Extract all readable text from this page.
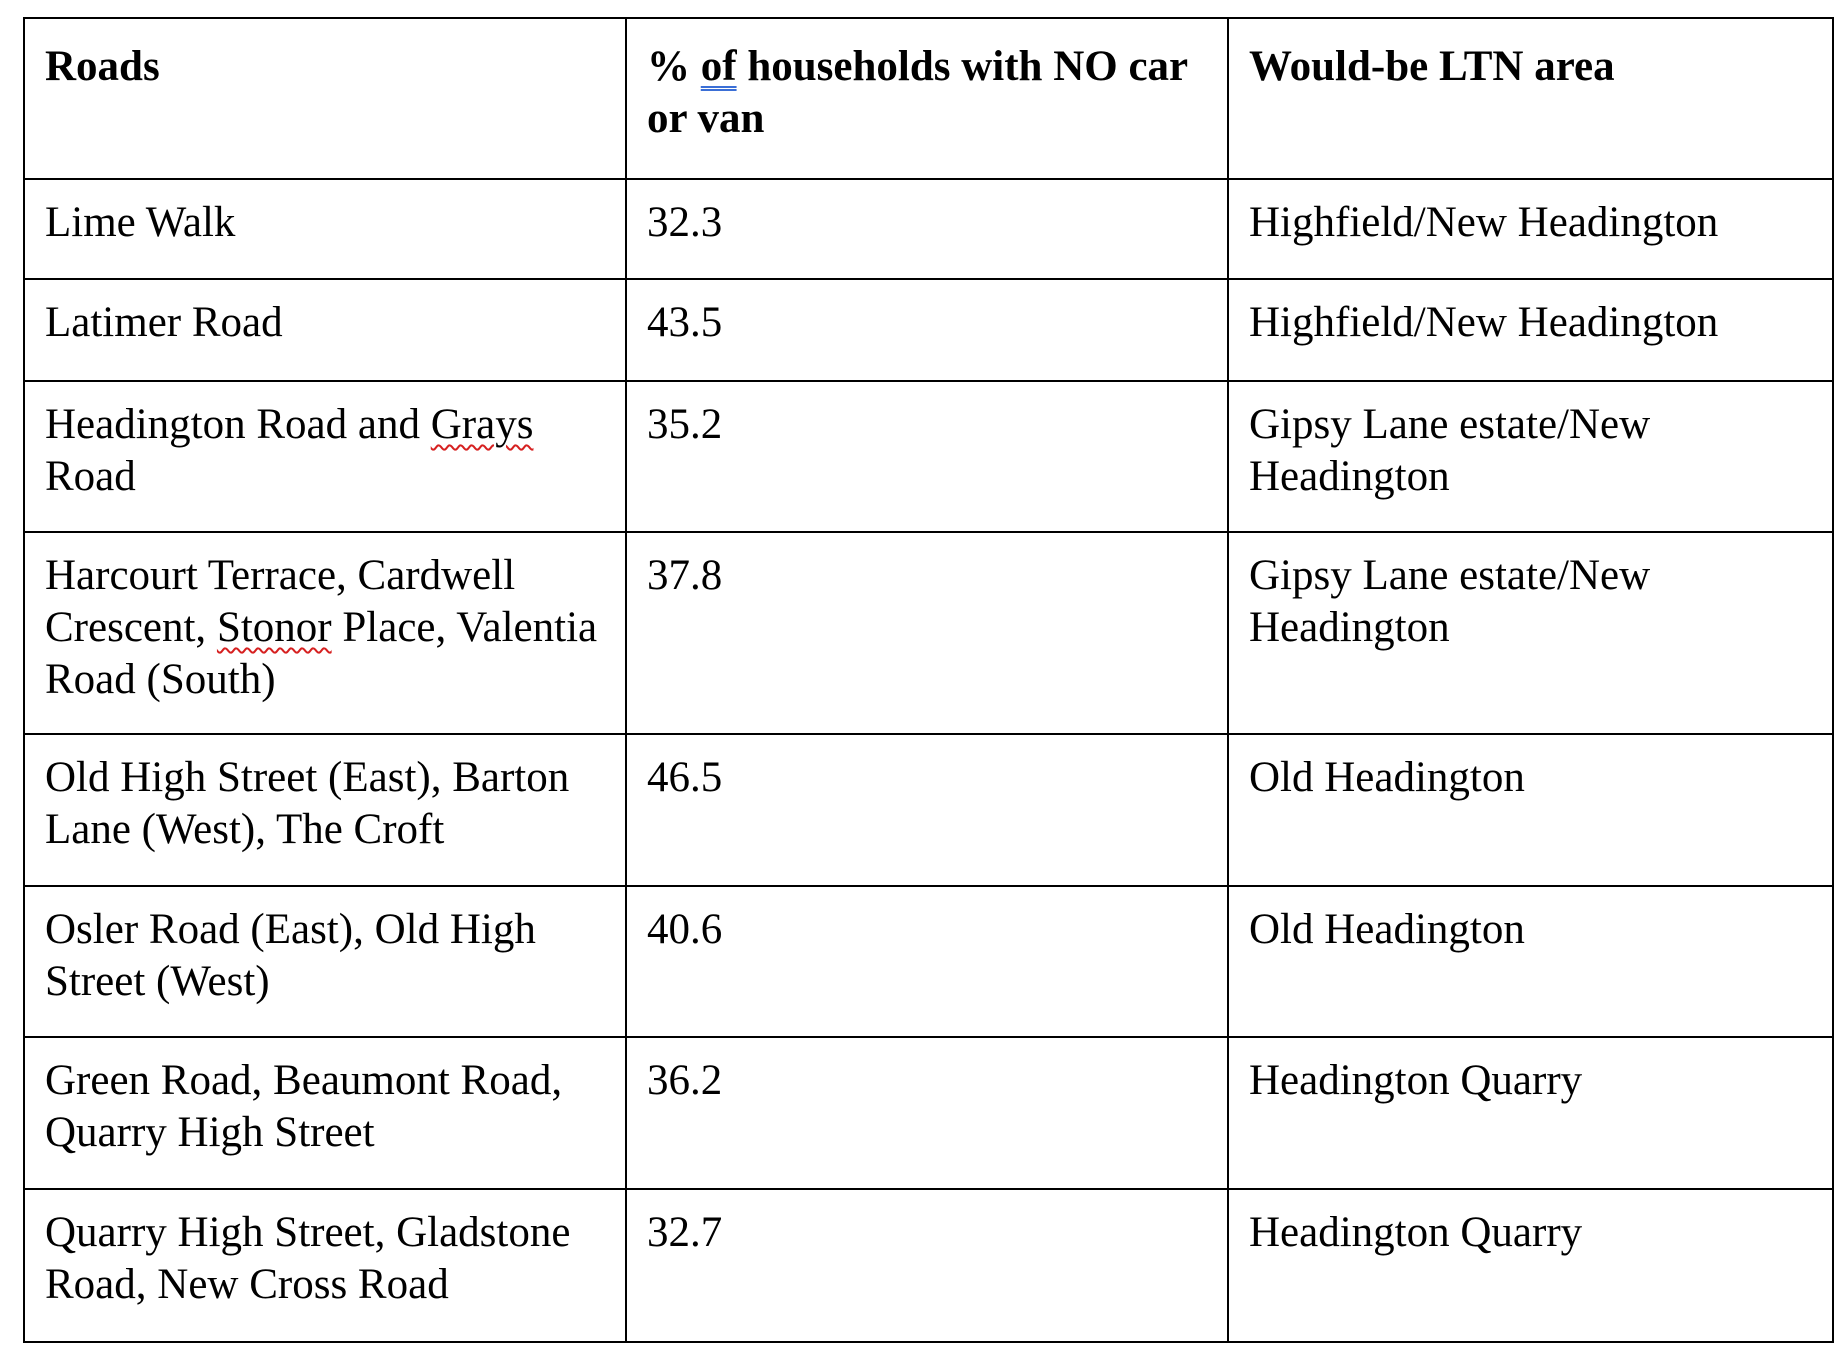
Roads	% of households with NO car or van	Would-be LTN area
Lime Walk	32.3	Highfield/New Headington
Latimer Road	43.5	Highfield/New Headington
Headington Road and Grays Road	35.2	Gipsy Lane estate/New Headington
Harcourt Terrace, Cardwell Crescent, Stonor Place, Valentia Road (South)	37.8	Gipsy Lane estate/New Headington
Old High Street (East), Barton Lane (West), The Croft	46.5	Old Headington
Osler Road (East), Old High Street (West)	40.6	Old Headington
Green Road, Beaumont Road, Quarry High Street	36.2	Headington Quarry
Quarry High Street, Gladstone Road, New Cross Road	32.7	Headington Quarry
